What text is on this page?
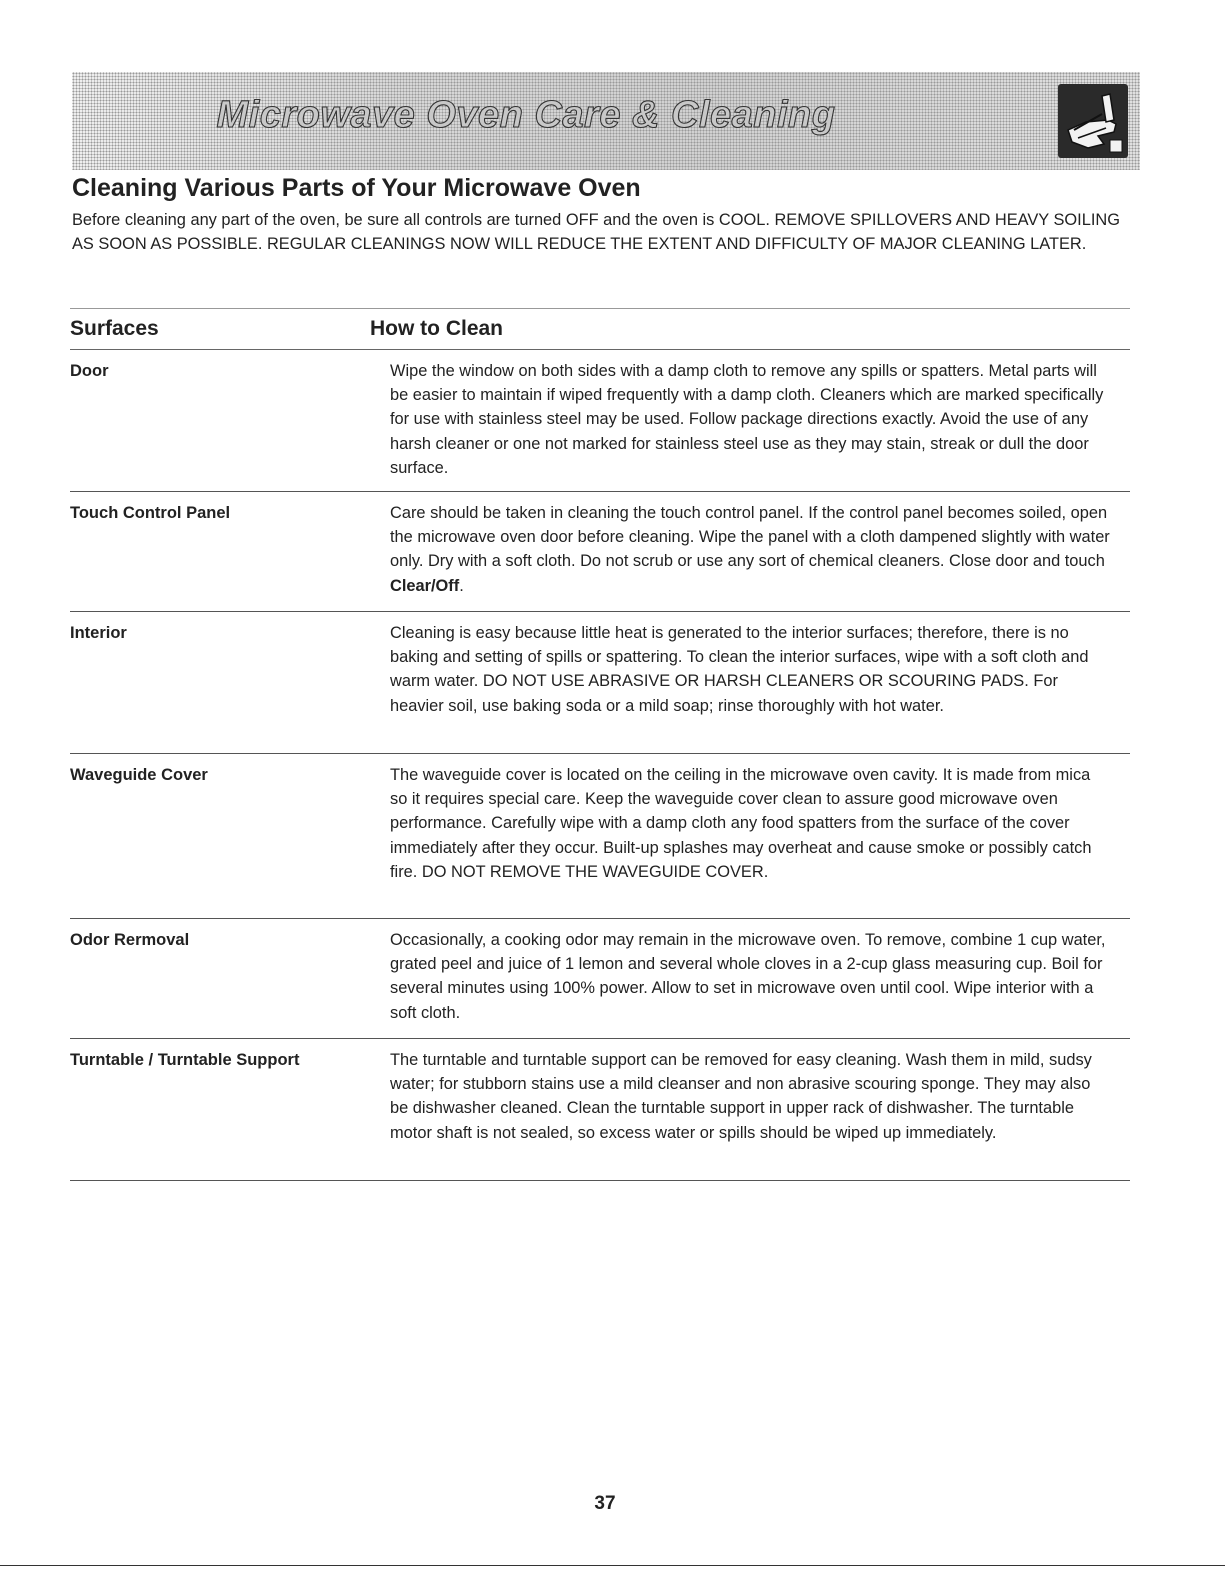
Microwave Oven Care & Cleaning
Cleaning Various Parts of Your Microwave Oven

Before cleaning any part of the oven, be sure all controls are turned OFF and the oven is COOL. REMOVE SPILLOVERS AND HEAVY SOILING AS SOON AS POSSIBLE. REGULAR CLEANINGS NOW WILL REDUCE THE EXTENT AND DIFFICULTY OF MAJOR CLEANING LATER.

Surfaces	How to Clean
Door	Wipe the window on both sides with a damp cloth to remove any spills or spatters. Metal parts will be easier to maintain if wiped frequently with a damp cloth. Cleaners which are marked specifically for use with stainless steel may be used. Follow package directions exactly. Avoid the use of any harsh cleaner or one not marked for stainless steel use as they may stain, streak or dull the door surface.
Touch Control Panel	Care should be taken in cleaning the touch control panel. If the control panel becomes soiled, open the microwave oven door before cleaning. Wipe the panel with a cloth dampened slightly with water only. Dry with a soft cloth. Do not scrub or use any sort of chemical cleaners. Close door and touch Clear/Off.
Interior	Cleaning is easy because little heat is generated to the interior surfaces; therefore, there is no baking and setting of spills or spattering. To clean the interior surfaces, wipe with a soft cloth and warm water. DO NOT USE ABRASIVE OR HARSH CLEANERS OR SCOURING PADS. For heavier soil, use baking soda or a mild soap; rinse thoroughly with hot water.
Waveguide Cover	The waveguide cover is located on the ceiling in the microwave oven cavity. It is made from mica so it requires special care. Keep the waveguide cover clean to assure good microwave oven performance. Carefully wipe with a damp cloth any food spatters from the surface of the cover immediately after they occur. Built-up splashes may overheat and cause smoke or possibly catch fire. DO NOT REMOVE THE WAVEGUIDE COVER.
Odor Rermoval	Occasionally, a cooking odor may remain in the microwave oven. To remove, combine 1 cup water, grated peel and juice of 1 lemon and several whole cloves in a 2-cup glass measuring cup. Boil for several minutes using 100% power. Allow to set in microwave oven until cool. Wipe interior with a soft cloth.
Turntable / Turntable Support	The turntable and turntable support can be removed for easy cleaning. Wash them in mild, sudsy water; for stubborn stains use a mild cleanser and non abrasive scouring sponge. They may also be dishwasher cleaned. Clean the turntable support in upper rack of dishwasher. The turntable motor shaft is not sealed, so excess water or spills should be wiped up immediately.
37
